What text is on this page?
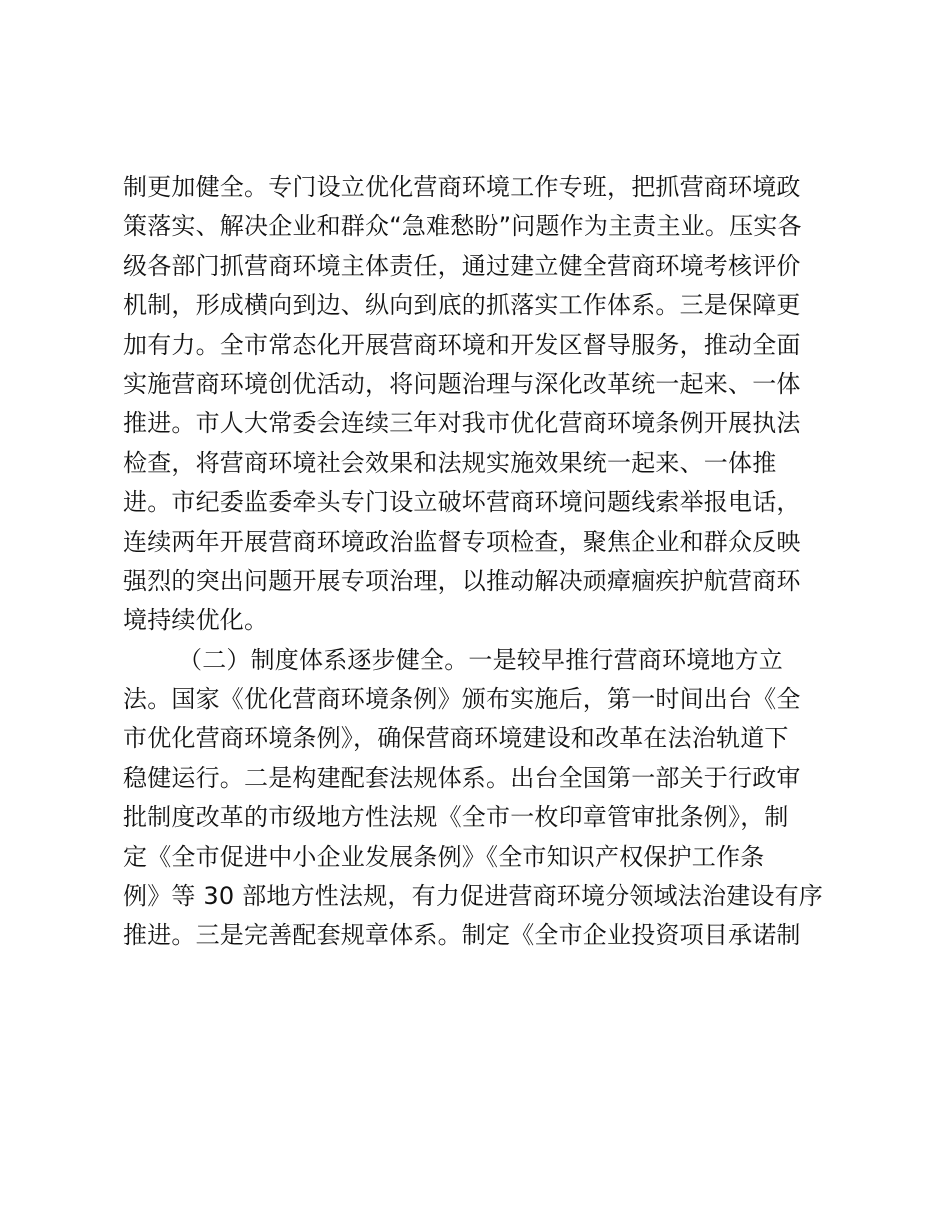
制更加健全。专门设立优化营商环境工作专班，把抓营商环境政
策落实、解决企业和群众“急难愁盼”问题作为主责主业。压实各
级各部门抓营商环境主体责任，通过建立健全营商环境考核评价
机制，形成横向到边、纵向到底的抓落实工作体系。三是保障更
加有力。全市常态化开展营商环境和开发区督导服务，推动全面
实施营商环境创优活动，将问题治理与深化改革统一起来、一体
推进。市人大常委会连续三年对我市优化营商环境条例开展执法
检查，将营商环境社会效果和法规实施效果统一起来、一体推
进。市纪委监委牵头专门设立破坏营商环境问题线索举报电话，
连续两年开展营商环境政治监督专项检查，聚焦企业和群众反映
强烈的突出问题开展专项治理，以推动解决顽瘴痼疾护航营商环
境持续优化。
（二）制度体系逐步健全。一是较早推行营商环境地方立
法。国家《优化营商环境条例》颁布实施后，第一时间出台《全
市优化营商环境条例》，确保营商环境建设和改革在法治轨道下
稳健运行。二是构建配套法规体系。出台全国第一部关于行政审
批制度改革的市级地方性法规《全市一枚印章管审批条例》，制
定《全市促进中小企业发展条例》《全市知识产权保护工作条
例》等 30 部地方性法规，有力促进营商环境分领域法治建设有序
推进。三是完善配套规章体系。制定《全市企业投资项目承诺制
